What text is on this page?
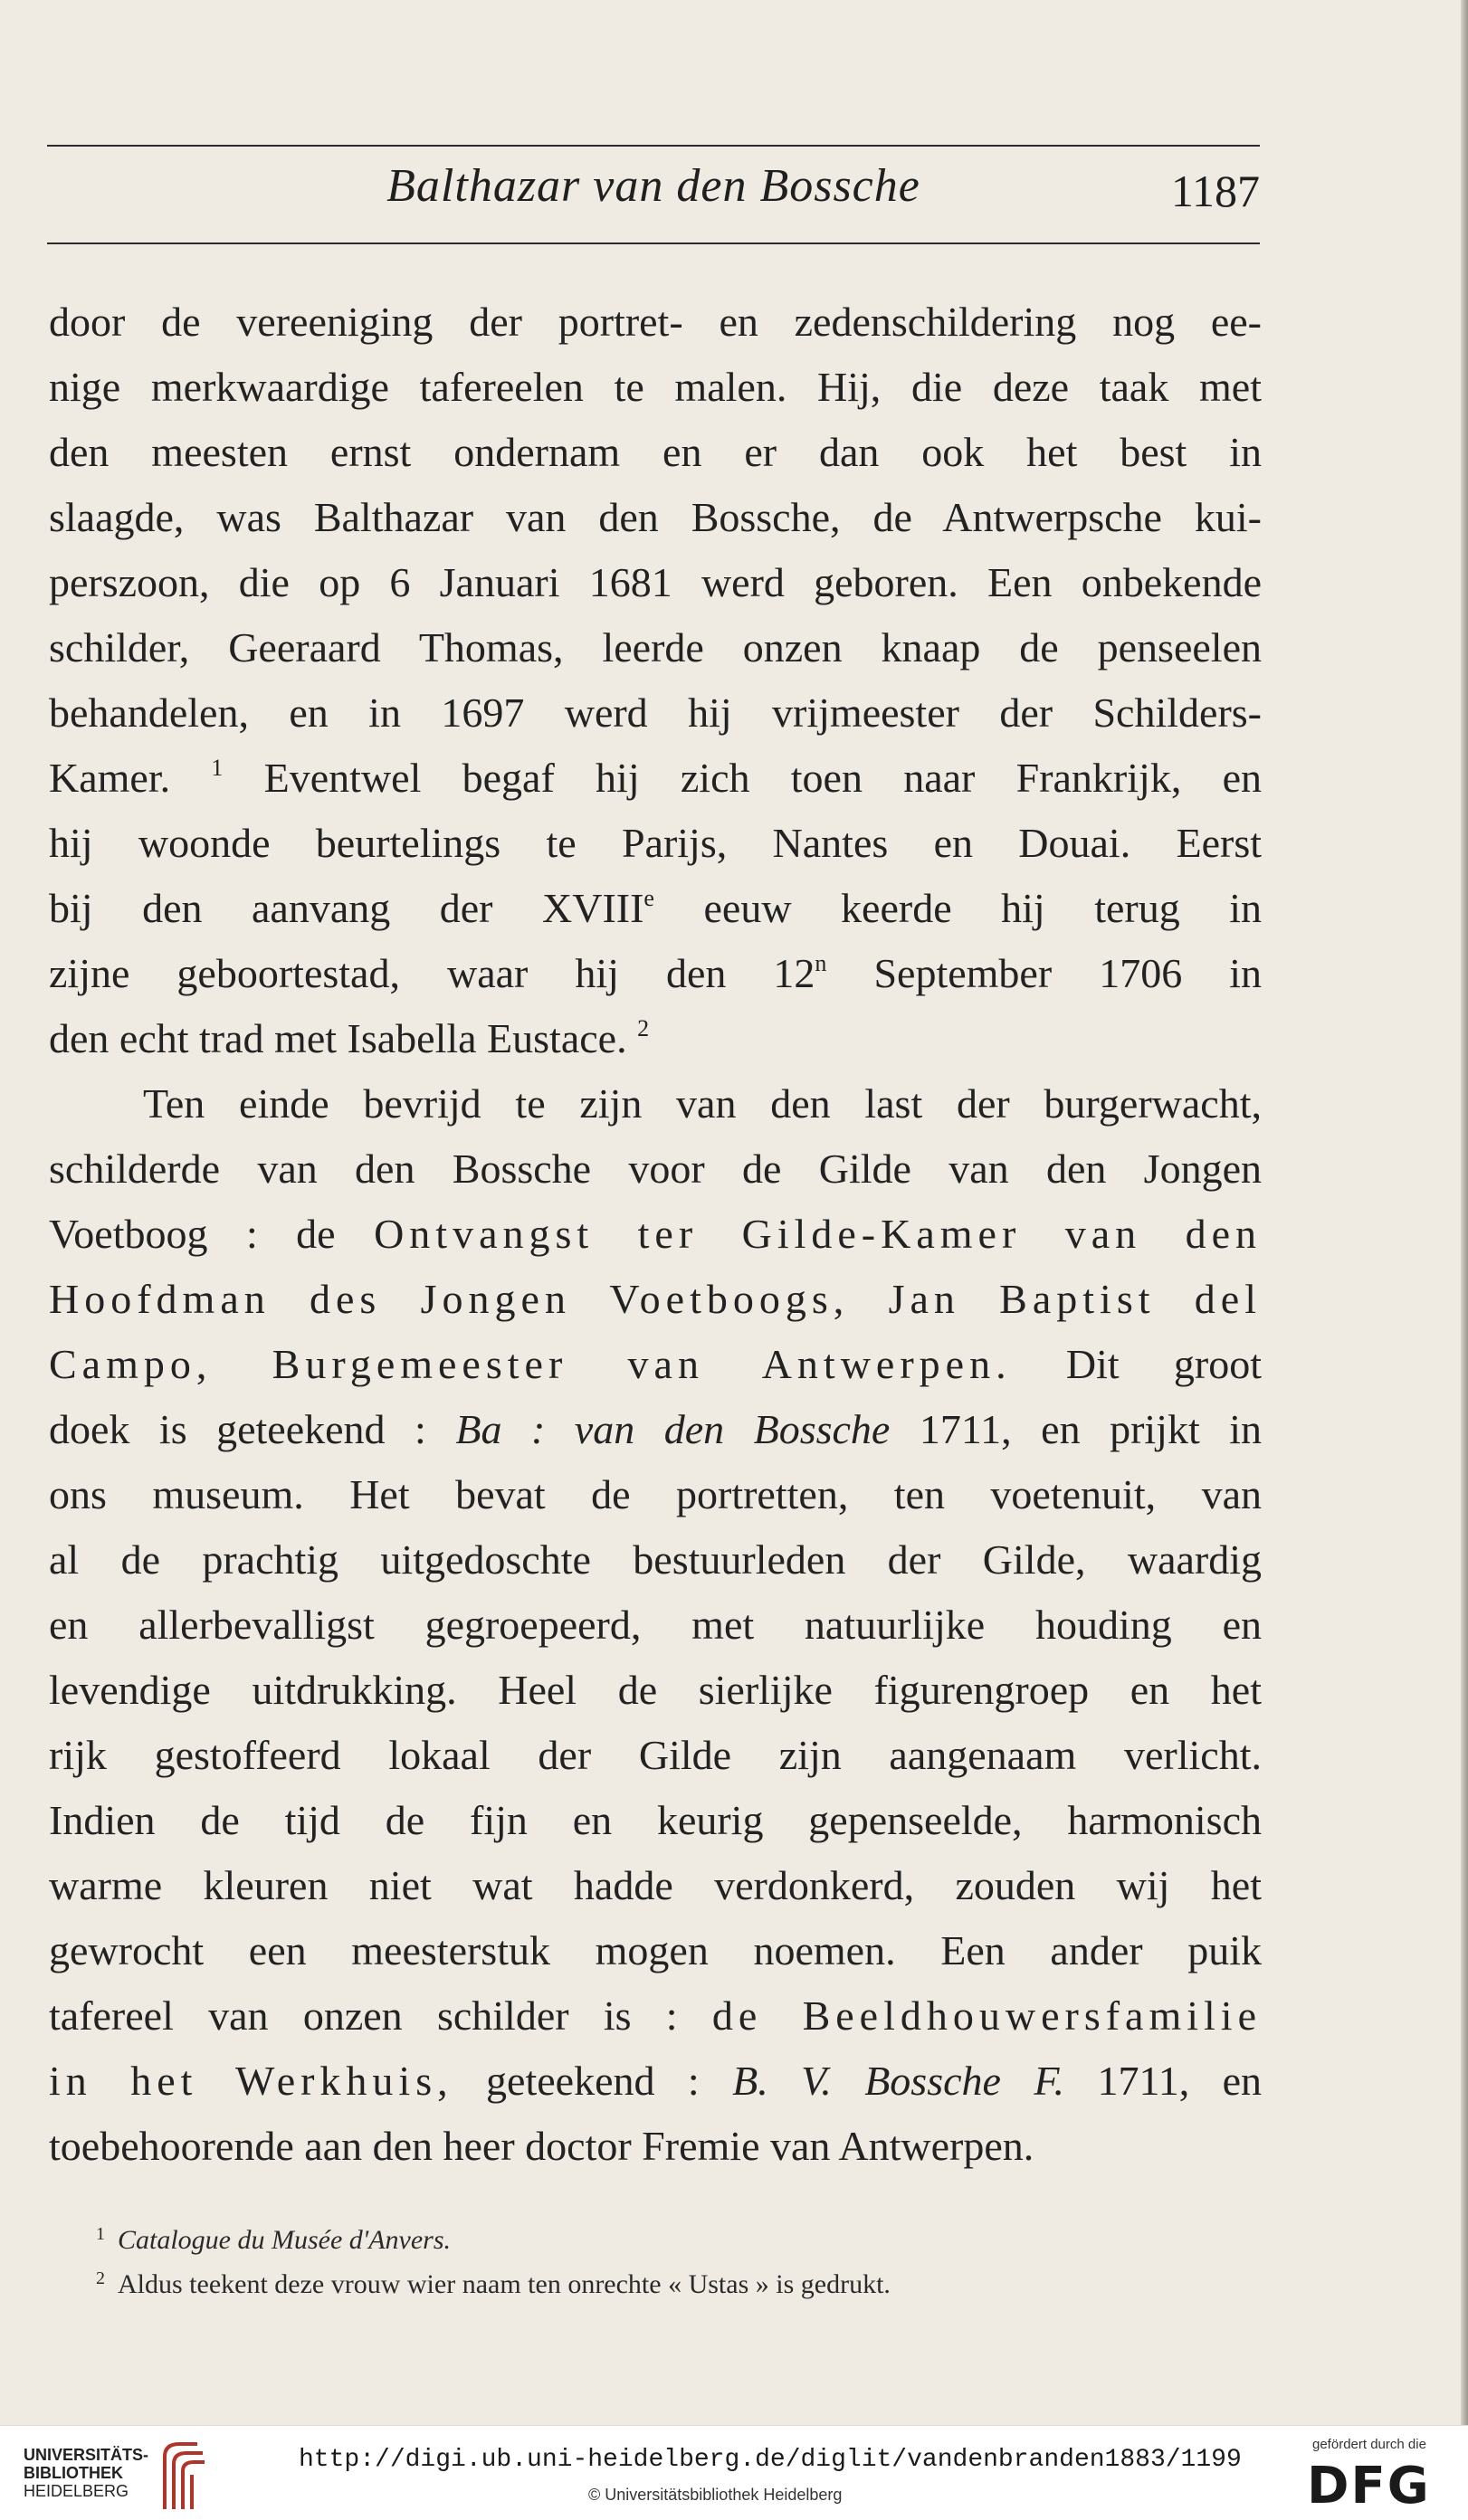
Balthazar van den Bossche	1187
door de vereeniging der portret- en zedenschildering nog ee-
nige merkwaardige tafereelen te malen. Hij, die deze taak met
den meesten ernst ondernam en er dan ook het best in
slaagde, was Balthazar van den Bossche, de Antwerpsche kui-
perszoon, die op 6 Januari 1681 werd geboren. Een onbekende
schilder, Geeraard Thomas, leerde onzen knaap de penseelen
behandelen, en in 1697 werd hij vrijmeester der Schilders-
Kamer. $^1$ Eventwel begaf hij zich toen naar Frankrijk, en
hij woonde beurtelings te Parijs, Nantes en Douai. Eerst
bij den aanvang der XVIIIe eeuw keerde hij terug in
zijne geboortestad, waar hij den 12$^n$ September 1706 in
den echt trad met Isabella Eustace. $^2$
Ten einde bevrijd te zijn van den last der burgerwacht,
schilderde van den Bossche voor de Gilde van den Jongen
Voetboog : de Ontvangst ter Gilde-Kamer van den
Hoofdman des Jongen Voetboogs, Jan Baptist del
Campo, Burgemeester van Antwerpen. Dit groot
doek is geteekend : Ba : van den Bossche 1711, en prijkt in
ons museum. Het bevat de portretten, ten voetenuit, van
al de prachtig uitgedoschte bestuurleden der Gilde, waardig
en allerbevalligst gegroepeerd, met natuurlijke houding en
levendige uitdrukking. Heel de sierlijke figurengroep en het
rijk gestoffeerd lokaal der Gilde zijn aangenaam verlicht.
Indien de tijd de fijn en keurig gepenseelde, harmonisch
warme kleuren niet wat hadde verdonkerd, zouden wij het
gewrocht een meesterstuk mogen noemen. Een ander puik
tafereel van onzen schilder is : de Beeldhouwersfamilie
in het Werkhuis, geteekend : B. V. Bossche F. 1711, en
toebehoorende aan den heer doctor Fremie van Antwerpen.
$^1$ Catalogue du Musée d'Anvers.
$^2$ Aldus teekent deze vrouw wier naam ten onrechte « Ustas » is gedrukt.
UNIVERSITÄTS-
BIBLIOTHEK
HEIDELBERG
http://digi.ub.uni-heidelberg.de/diglit/vandenbranden1883/1199
© Universitätsbibliothek Heidelberg
gefördert durch die
DFG
